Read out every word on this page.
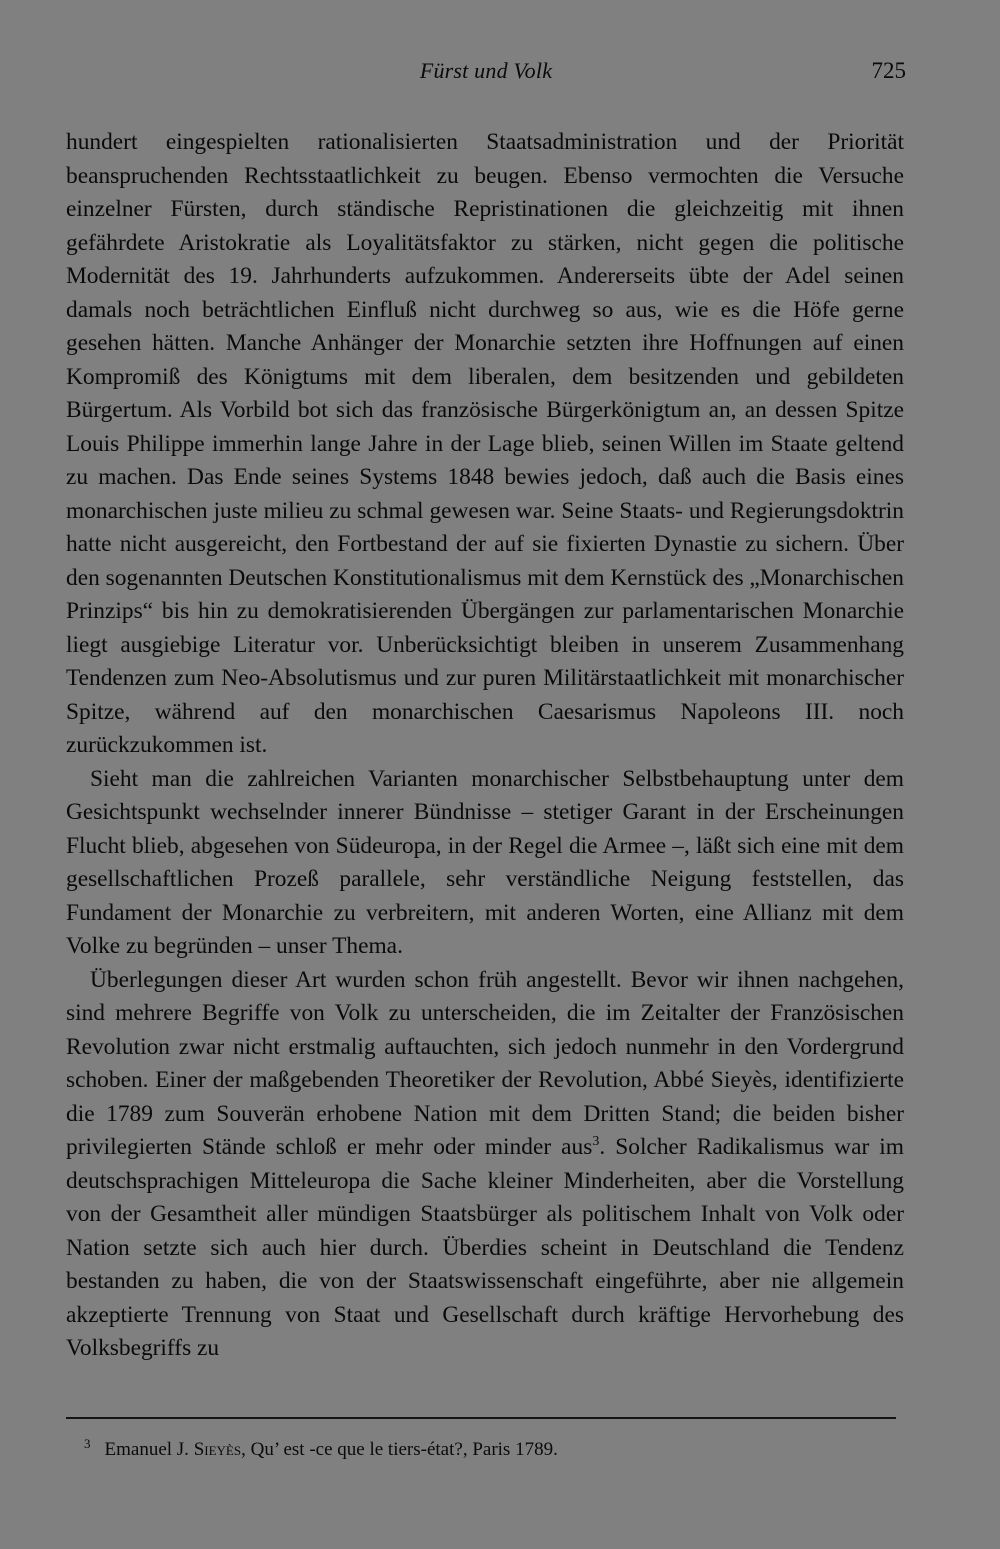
Fürst und Volk	725

hundert eingespielten rationalisierten Staatsadministration und der Priorität beanspruchenden Rechtsstaatlichkeit zu beugen. Ebenso vermochten die Versuche einzelner Fürsten, durch ständische Repristinationen die gleichzeitig mit ihnen gefährdete Aristokratie als Loyalitätsfaktor zu stärken, nicht gegen die politische Modernität des 19. Jahrhunderts aufzukommen. Andererseits übte der Adel seinen damals noch beträchtlichen Einfluß nicht durchweg so aus, wie es die Höfe gerne gesehen hätten. Manche Anhänger der Monarchie setzten ihre Hoffnungen auf einen Kompromiß des Königtums mit dem liberalen, dem besitzenden und gebildeten Bürgertum. Als Vorbild bot sich das französische Bürgerkönigtum an, an dessen Spitze Louis Philippe immerhin lange Jahre in der Lage blieb, seinen Willen im Staate geltend zu machen. Das Ende seines Systems 1848 bewies jedoch, daß auch die Basis eines monarchischen juste milieu zu schmal gewesen war. Seine Staats- und Regierungsdoktrin hatte nicht ausgereicht, den Fortbestand der auf sie fixierten Dynastie zu sichern. Über den sogenannten Deutschen Konstitutionalismus mit dem Kernstück des „Monarchischen Prinzips“ bis hin zu demokratisierenden Übergängen zur parlamentarischen Monarchie liegt ausgiebige Literatur vor. Unberücksichtigt bleiben in unserem Zusammenhang Tendenzen zum Neo-Absolutismus und zur puren Militärstaatlichkeit mit monarchischer Spitze, während auf den monarchischen Caesarismus Napoleons III. noch zurückzukommen ist.

Sieht man die zahlreichen Varianten monarchischer Selbstbehauptung unter dem Gesichtspunkt wechselnder innerer Bündnisse – stetiger Garant in der Erscheinungen Flucht blieb, abgesehen von Südeuropa, in der Regel die Armee –, läßt sich eine mit dem gesellschaftlichen Prozeß parallele, sehr verständliche Neigung feststellen, das Fundament der Monarchie zu verbreitern, mit anderen Worten, eine Allianz mit dem Volke zu begründen – unser Thema.

Überlegungen dieser Art wurden schon früh angestellt. Bevor wir ihnen nachgehen, sind mehrere Begriffe von Volk zu unterscheiden, die im Zeitalter der Französischen Revolution zwar nicht erstmalig auftauchten, sich jedoch nunmehr in den Vordergrund schoben. Einer der maßgebenden Theoretiker der Revolution, Abbé Sieyès, identifizierte die 1789 zum Souverän erhobene Nation mit dem Dritten Stand; die beiden bisher privilegierten Stände schloß er mehr oder minder aus$^3$. Solcher Radikalismus war im deutschsprachigen Mitteleuropa die Sache kleiner Minderheiten, aber die Vorstellung von der Gesamtheit aller mündigen Staatsbürger als politischem Inhalt von Volk oder Nation setzte sich auch hier durch. Überdies scheint in Deutschland die Tendenz bestanden zu haben, die von der Staatswissenschaft eingeführte, aber nie allgemein akzeptierte Trennung von Staat und Gesellschaft durch kräftige Hervorhebung des Volksbegriffs zu

$^3$ Emanuel J. Sieyès, Qu’ est -ce que le tiers-état?, Paris 1789.
